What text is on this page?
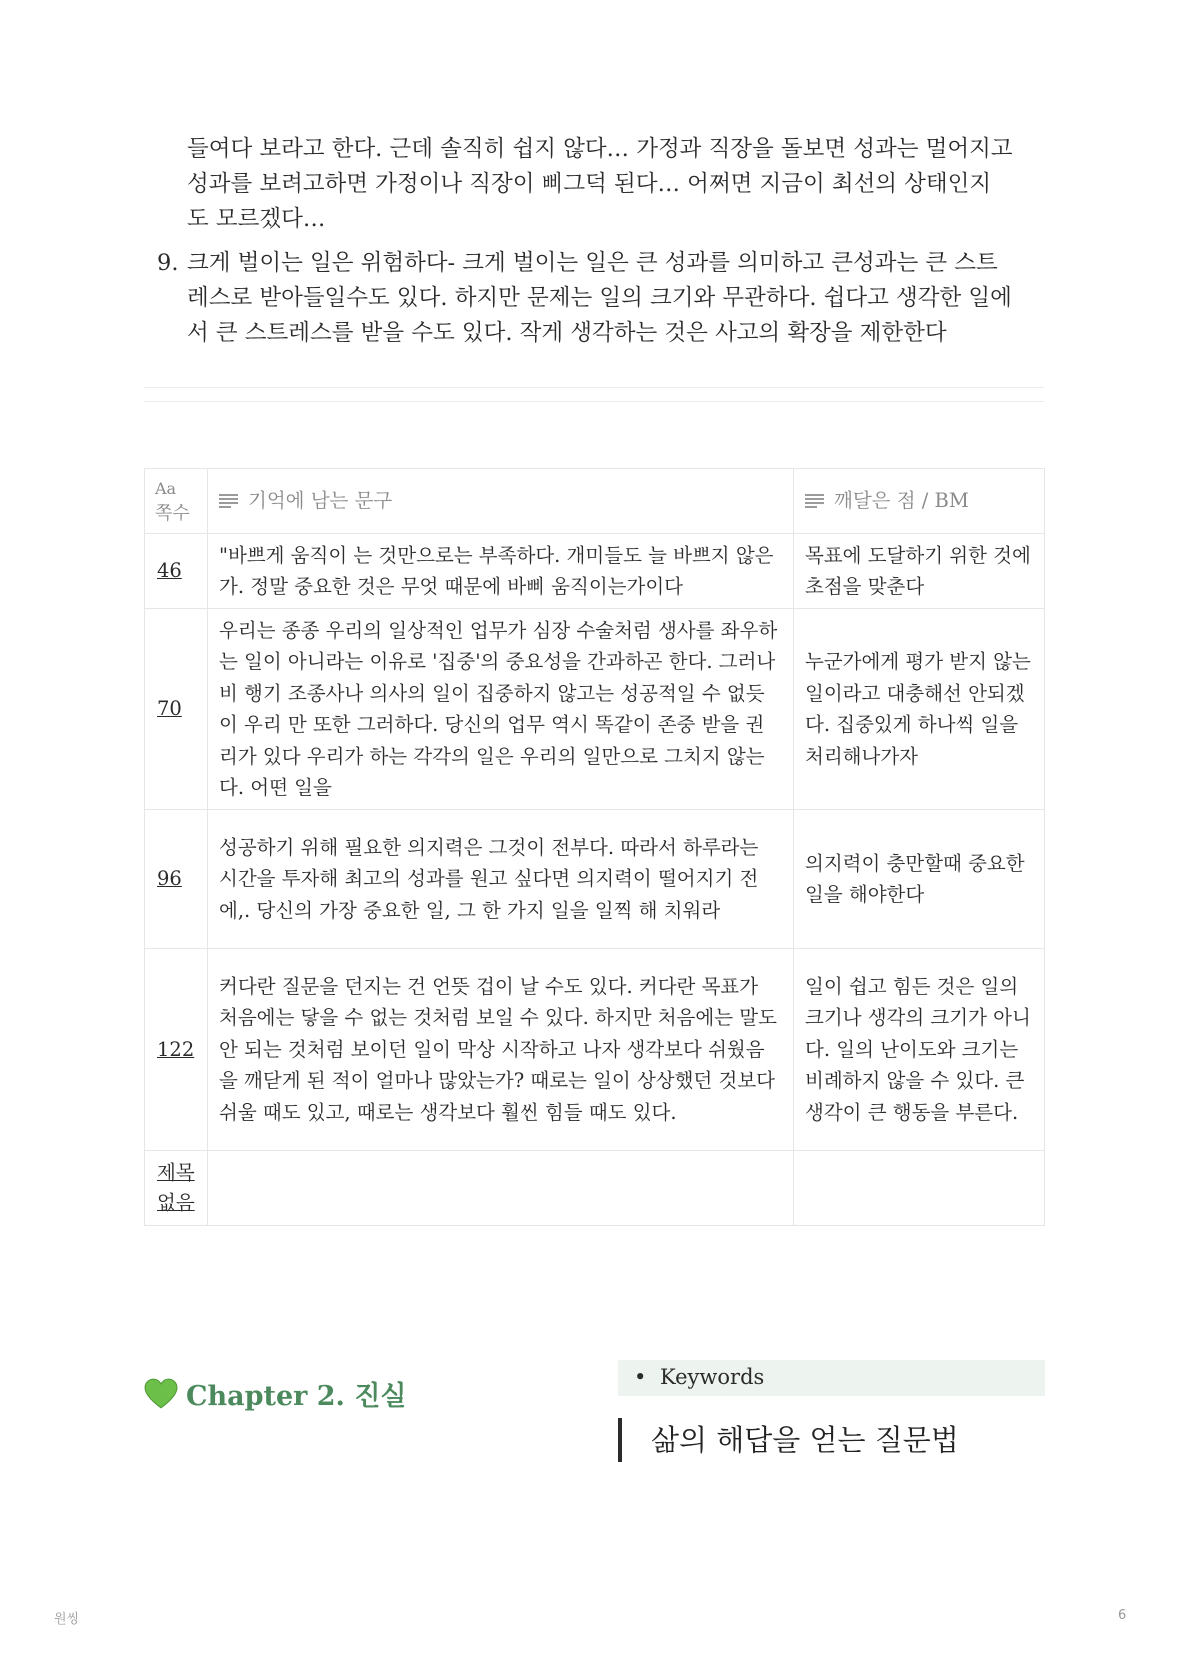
들여다 보라고 한다. 근데 솔직히 쉽지 않다… 가정과 직장을 돌보면 성과는 멀어지고
성과를 보려고하면 가정이나 직장이 삐그덕 된다… 어쩌면 지금이 최선의 상태인지
도 모르겠다…
9. 크게 벌이는 일은 위험하다- 크게 벌이는 일은 큰 성과를 의미하고 큰성과는 큰 스트
레스로 받아들일수도 있다. 하지만 문제는 일의 크기와 무관하다. 쉽다고 생각한 일에
서 큰 스트레스를 받을 수도 있다. 작게 생각하는 것은 사고의 확장을 제한한다
Aa
쪽수	기억에 남는 문구	깨달은 점 / BM

46	"바쁘게 움직이 는 것만으로는 부족하다. 개미들도 늘 바쁘지 않은가. 정말 중요한 것은 무엇 때문에 바삐 움직이는가이다	목표에 도달하기 위한 것에 초점을 맞춘다
70	우리는 종종 우리의 일상적인 업무가 심장 수술처럼 생사를 좌우하 는 일이 아니라는 이유로 '집중'의 중요성을 간과하곤 한다. 그러나 비 행기 조종사나 의사의 일이 집중하지 않고는 성공적일 수 없듯이 우리 만 또한 그러하다. 당신의 업무 역시 똑같이 존중 받을 권리가 있다 우리가 하는 각각의 일은 우리의 일만으로 그치지 않는다. 어떤 일을	누군가에게 평가 받지 않는 일이라고 대충해선 안되겠다. 집중있게 하나씩 일을 처리해나가자
96	성공하기 위해 필요한 의지력은 그것이 전부다. 따라서 하루라는 시간을 투자해 최고의 성과를 원고 싶다면 의지력이 떨어지기 전에,. 당신의 가장 중요한 일, 그 한 가지 일을 일찍 해 치워라	의지력이 충만할때 중요한 일을 해야한다
122	커다란 질문을 던지는 건 언뜻 겁이 날 수도 있다. 커다란 목표가 처음에는 닿을 수 없는 것처럼 보일 수 있다. 하지만 처음에는 말도 안 되는 것처럼 보이던 일이 막상 시작하고 나자 생각보다 쉬웠음을 깨닫게 된 적이 얼마나 많았는가? 때로는 일이 상상했던 것보다 쉬울 때도 있고, 때로는 생각보다 훨씬 힘들 때도 있다.	일이 쉽고 힘든 것은 일의 크기나 생각의 크기가 아니다. 일의 난이도와 크기는 비례하지 않을 수 있다. 큰 생각이 큰 행동을 부른다.
제목 없음		
Chapter 2. 진실
• Keywords
삶의 해답을 얻는 질문법
원씽	6
